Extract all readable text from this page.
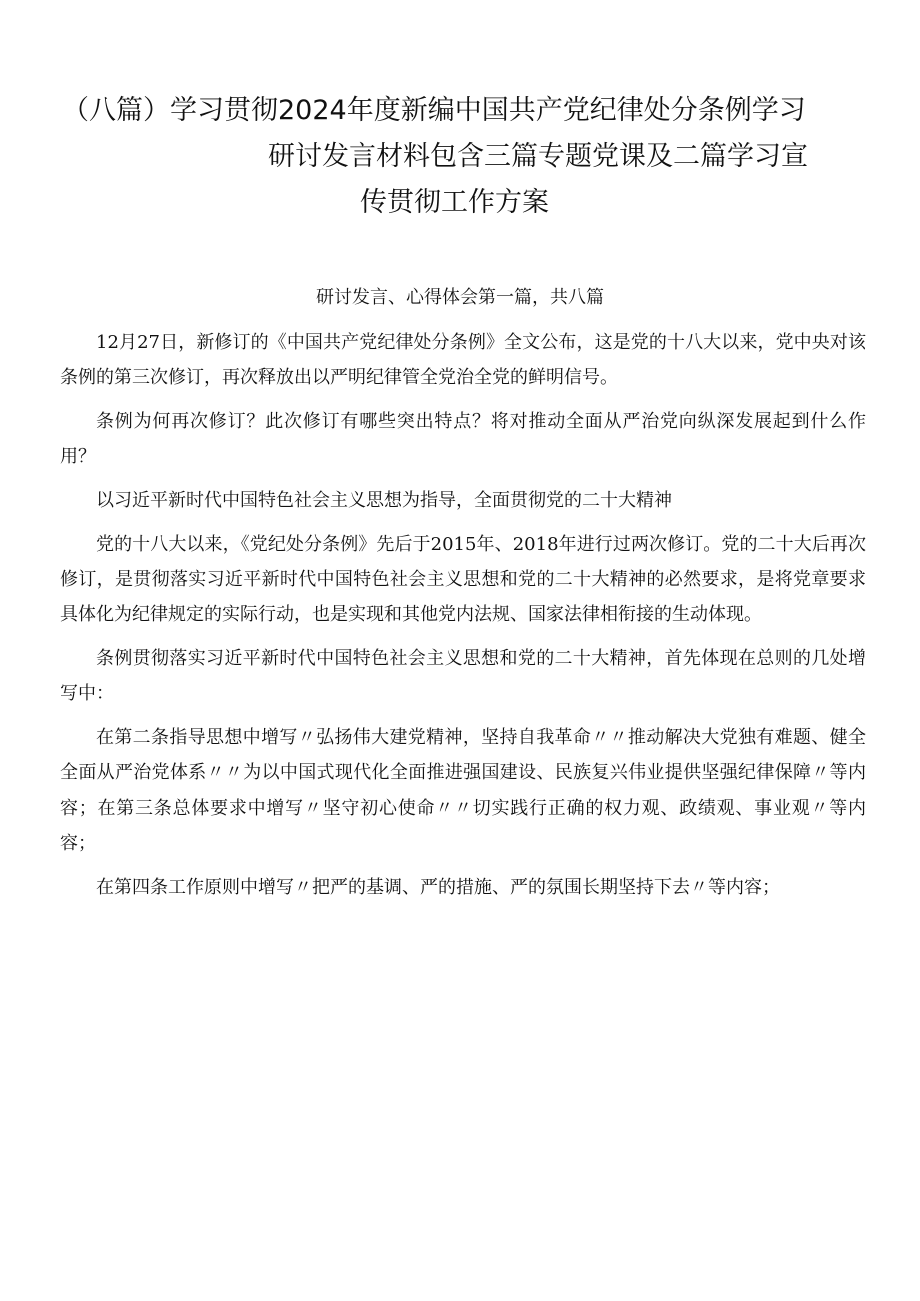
（八篇）学习贯彻2024年度新编中国共产党纪律处分条例学习
研讨发言材料包含三篇专题党课及二篇学习宣
传贯彻工作方案

研讨发言、心得体会第一篇，共八篇

12月27日，新修订的《中国共产党纪律处分条例》全文公布，这是党的十八大以来，党中央对该条例的第三次修订，再次释放出以严明纪律管全党治全党的鲜明信号。

条例为何再次修订？此次修订有哪些突出特点？将对推动全面从严治党向纵深发展起到什么作用？

以习近平新时代中国特色社会主义思想为指导，全面贯彻党的二十大精神

党的十八大以来，《党纪处分条例》先后于2015年、2018年进行过两次修订。党的二十大后再次修订，是贯彻落实习近平新时代中国特色社会主义思想和党的二十大精神的必然要求，是将党章要求具体化为纪律规定的实际行动，也是实现和其他党内法规、国家法律相衔接的生动体现。

条例贯彻落实习近平新时代中国特色社会主义思想和党的二十大精神，首先体现在总则的几处增写中：

在第二条指导思想中增写〃弘扬伟大建党精神，坚持自我革命〃〃推动解决大党独有难题、健全全面从严治党体系〃〃为以中国式现代化全面推进强国建设、民族复兴伟业提供坚强纪律保障〃等内容；在第三条总体要求中增写〃坚守初心使命〃〃切实践行正确的权力观、政绩观、事业观〃等内容；

在第四条工作原则中增写〃把严的基调、严的措施、严的氛围长期坚持下去〃等内容；
